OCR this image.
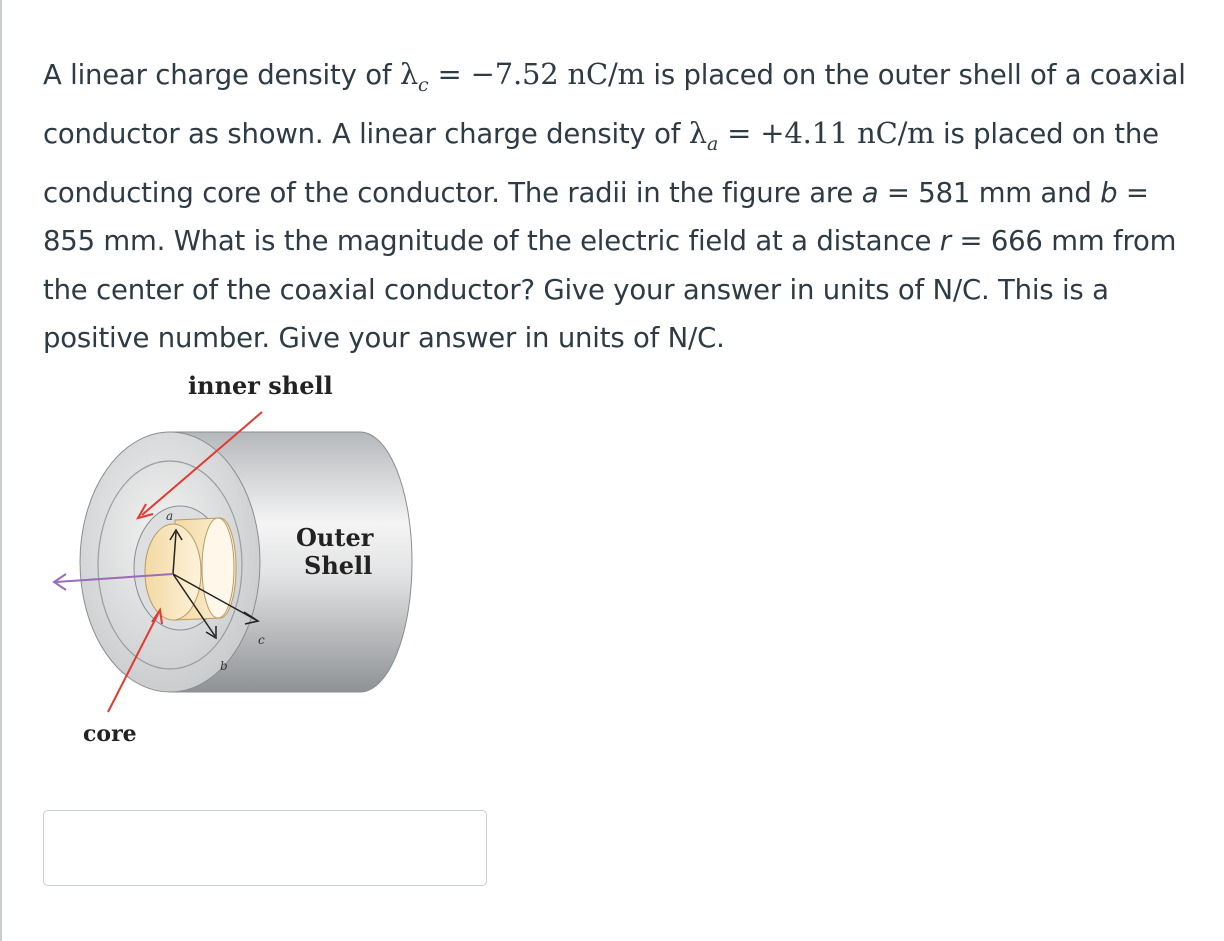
A linear charge density of $\lambda_c = -7.52$ nC/m is placed on the outer shell of a coaxial conductor as shown. A linear charge density of $\lambda_a = +4.11$ nC/m is placed on the conducting core of the conductor. The radii in the figure are a = 581 mm and b = 855 mm. What is the magnitude of the electric field at a distance r = 666 mm from the center of the coaxial conductor? Give your answer in units of N/C. This is a positive number. Give your answer in units of N/C.
inner shell
Outer
Shell
core
a
b
c
